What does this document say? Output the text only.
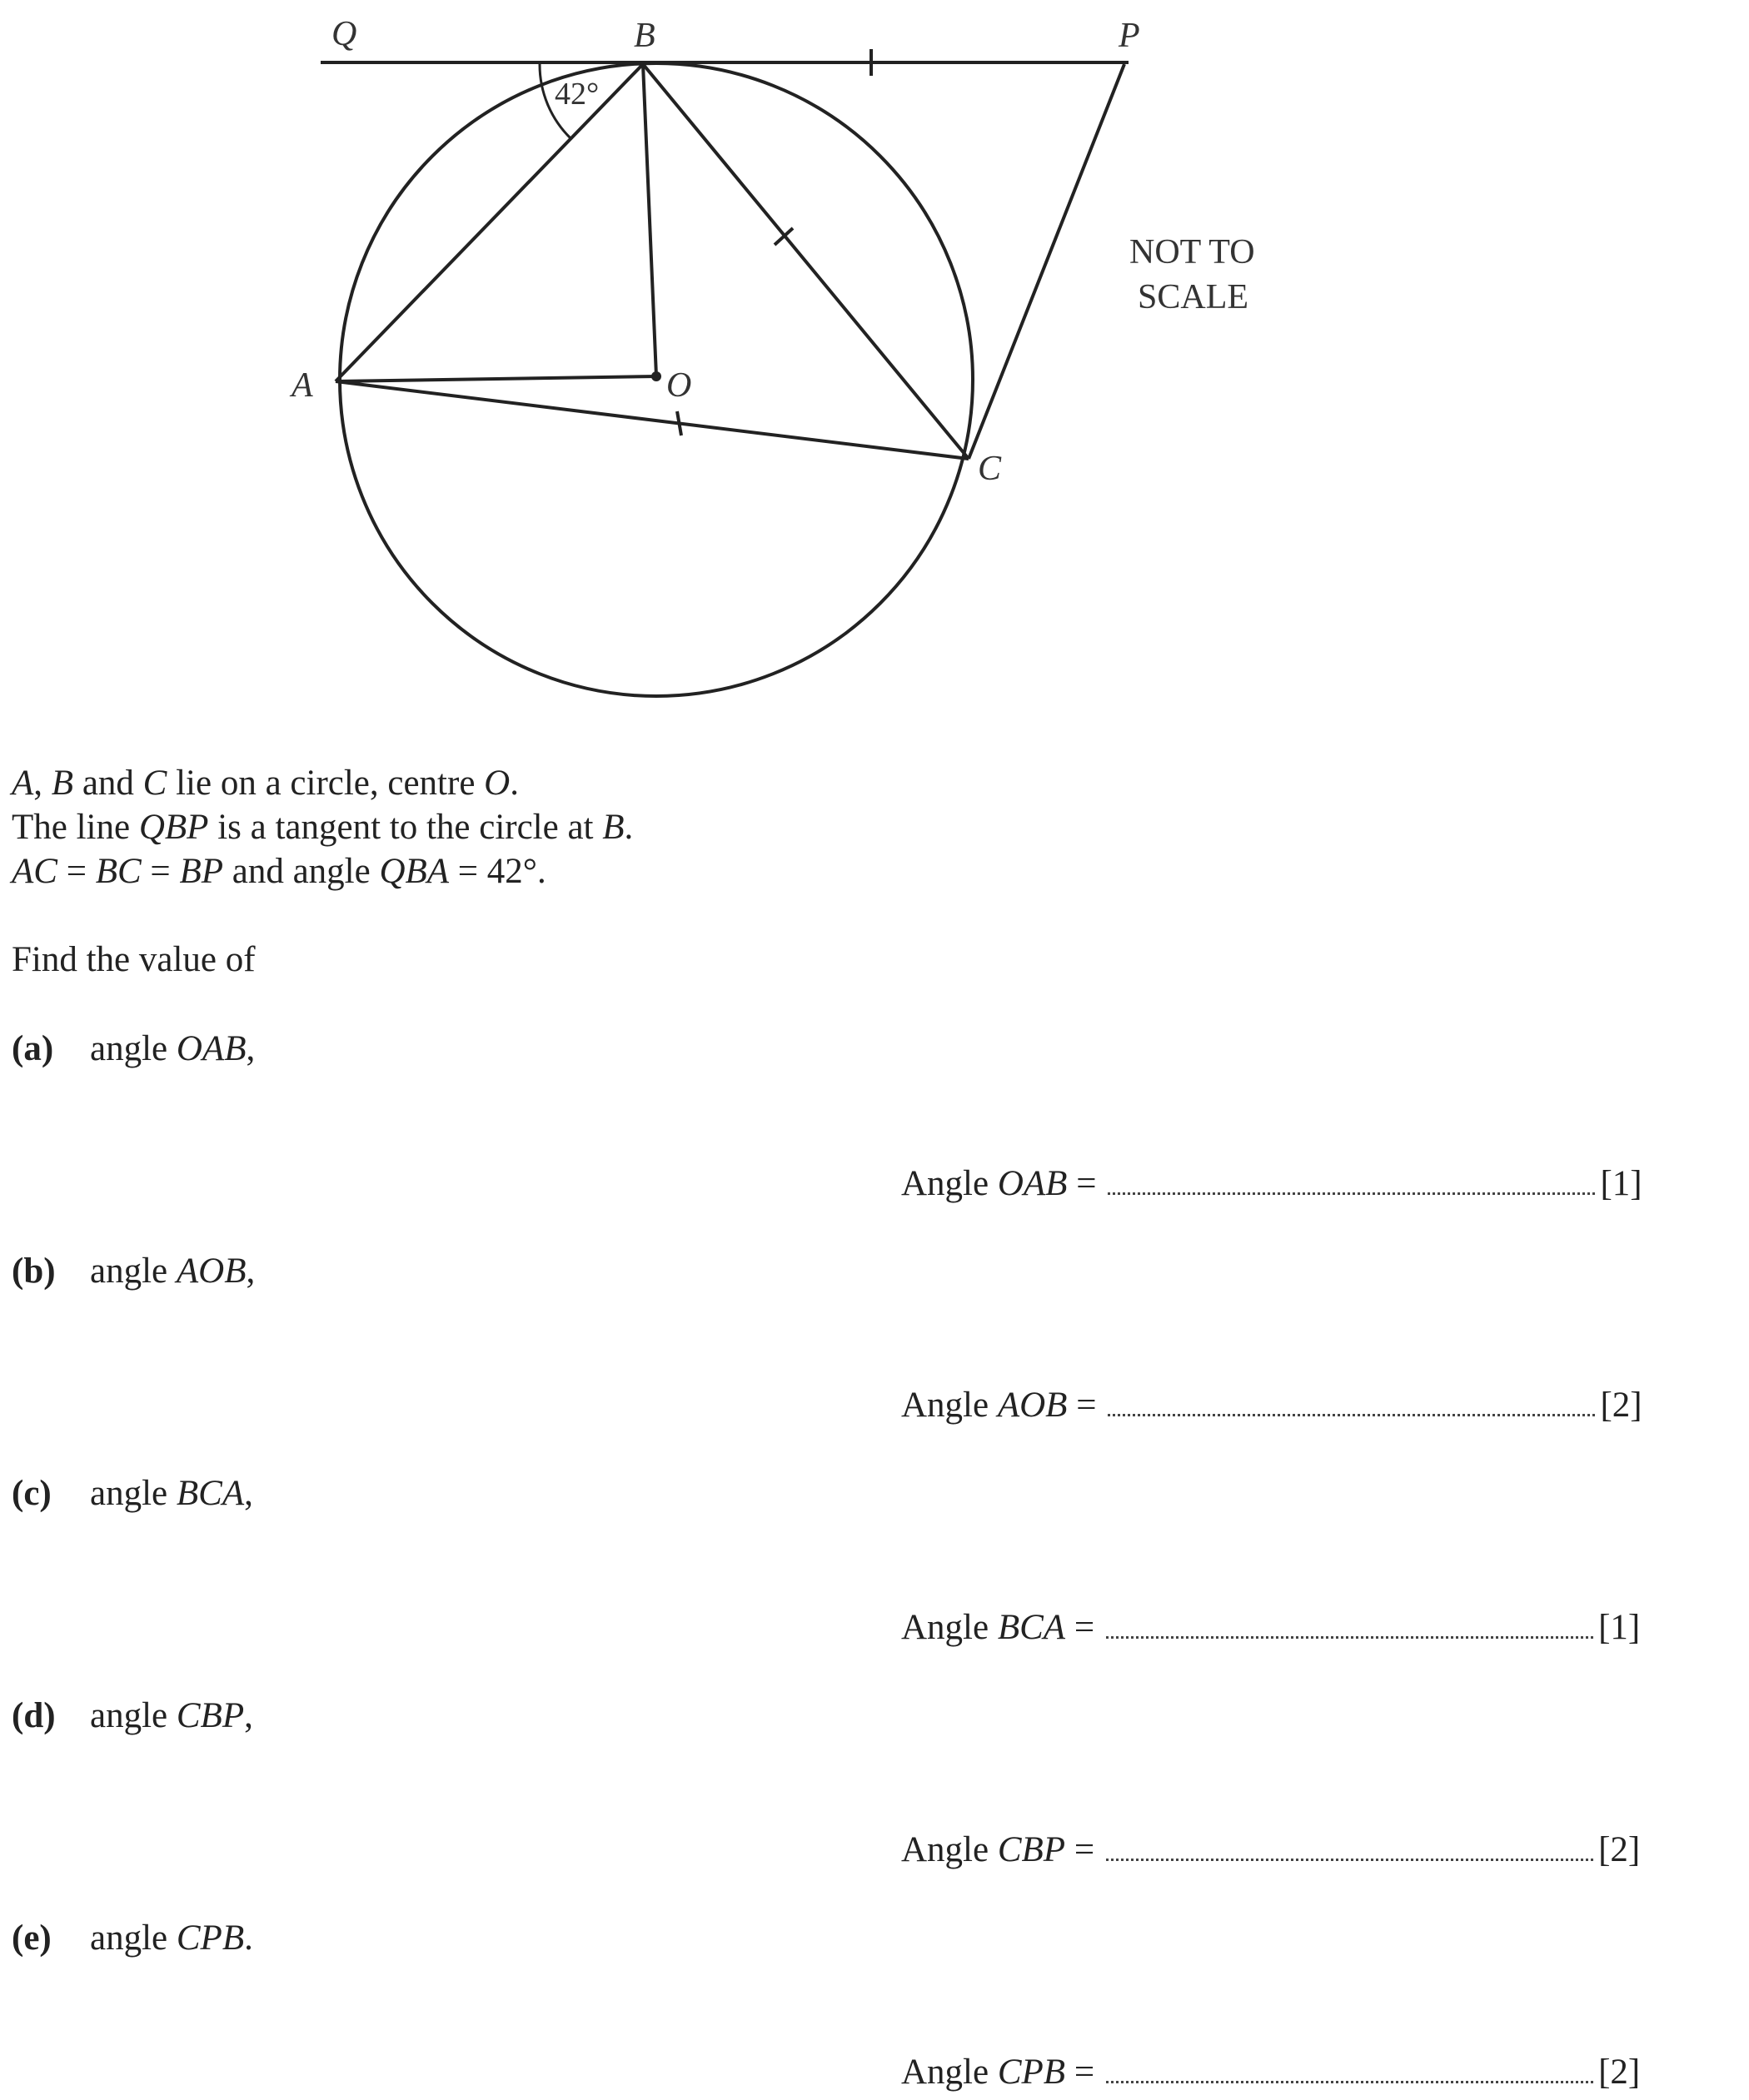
Q	B	P
A	O
C
42°
NOT TO
SCALE
A, B and C lie on a circle, centre O.
The line QBP is a tangent to the circle at B.
AC = BC = BP and angle QBA = 42°.
Find the value of
(a) angle OAB,
Angle OAB =	[1]
(b) angle AOB,
Angle AOB =	[2]
(c) angle BCA,
Angle BCA =	[1]
(d) angle CBP,
Angle CBP =	[2]
(e) angle CPB.
Angle CPB =	[2]
